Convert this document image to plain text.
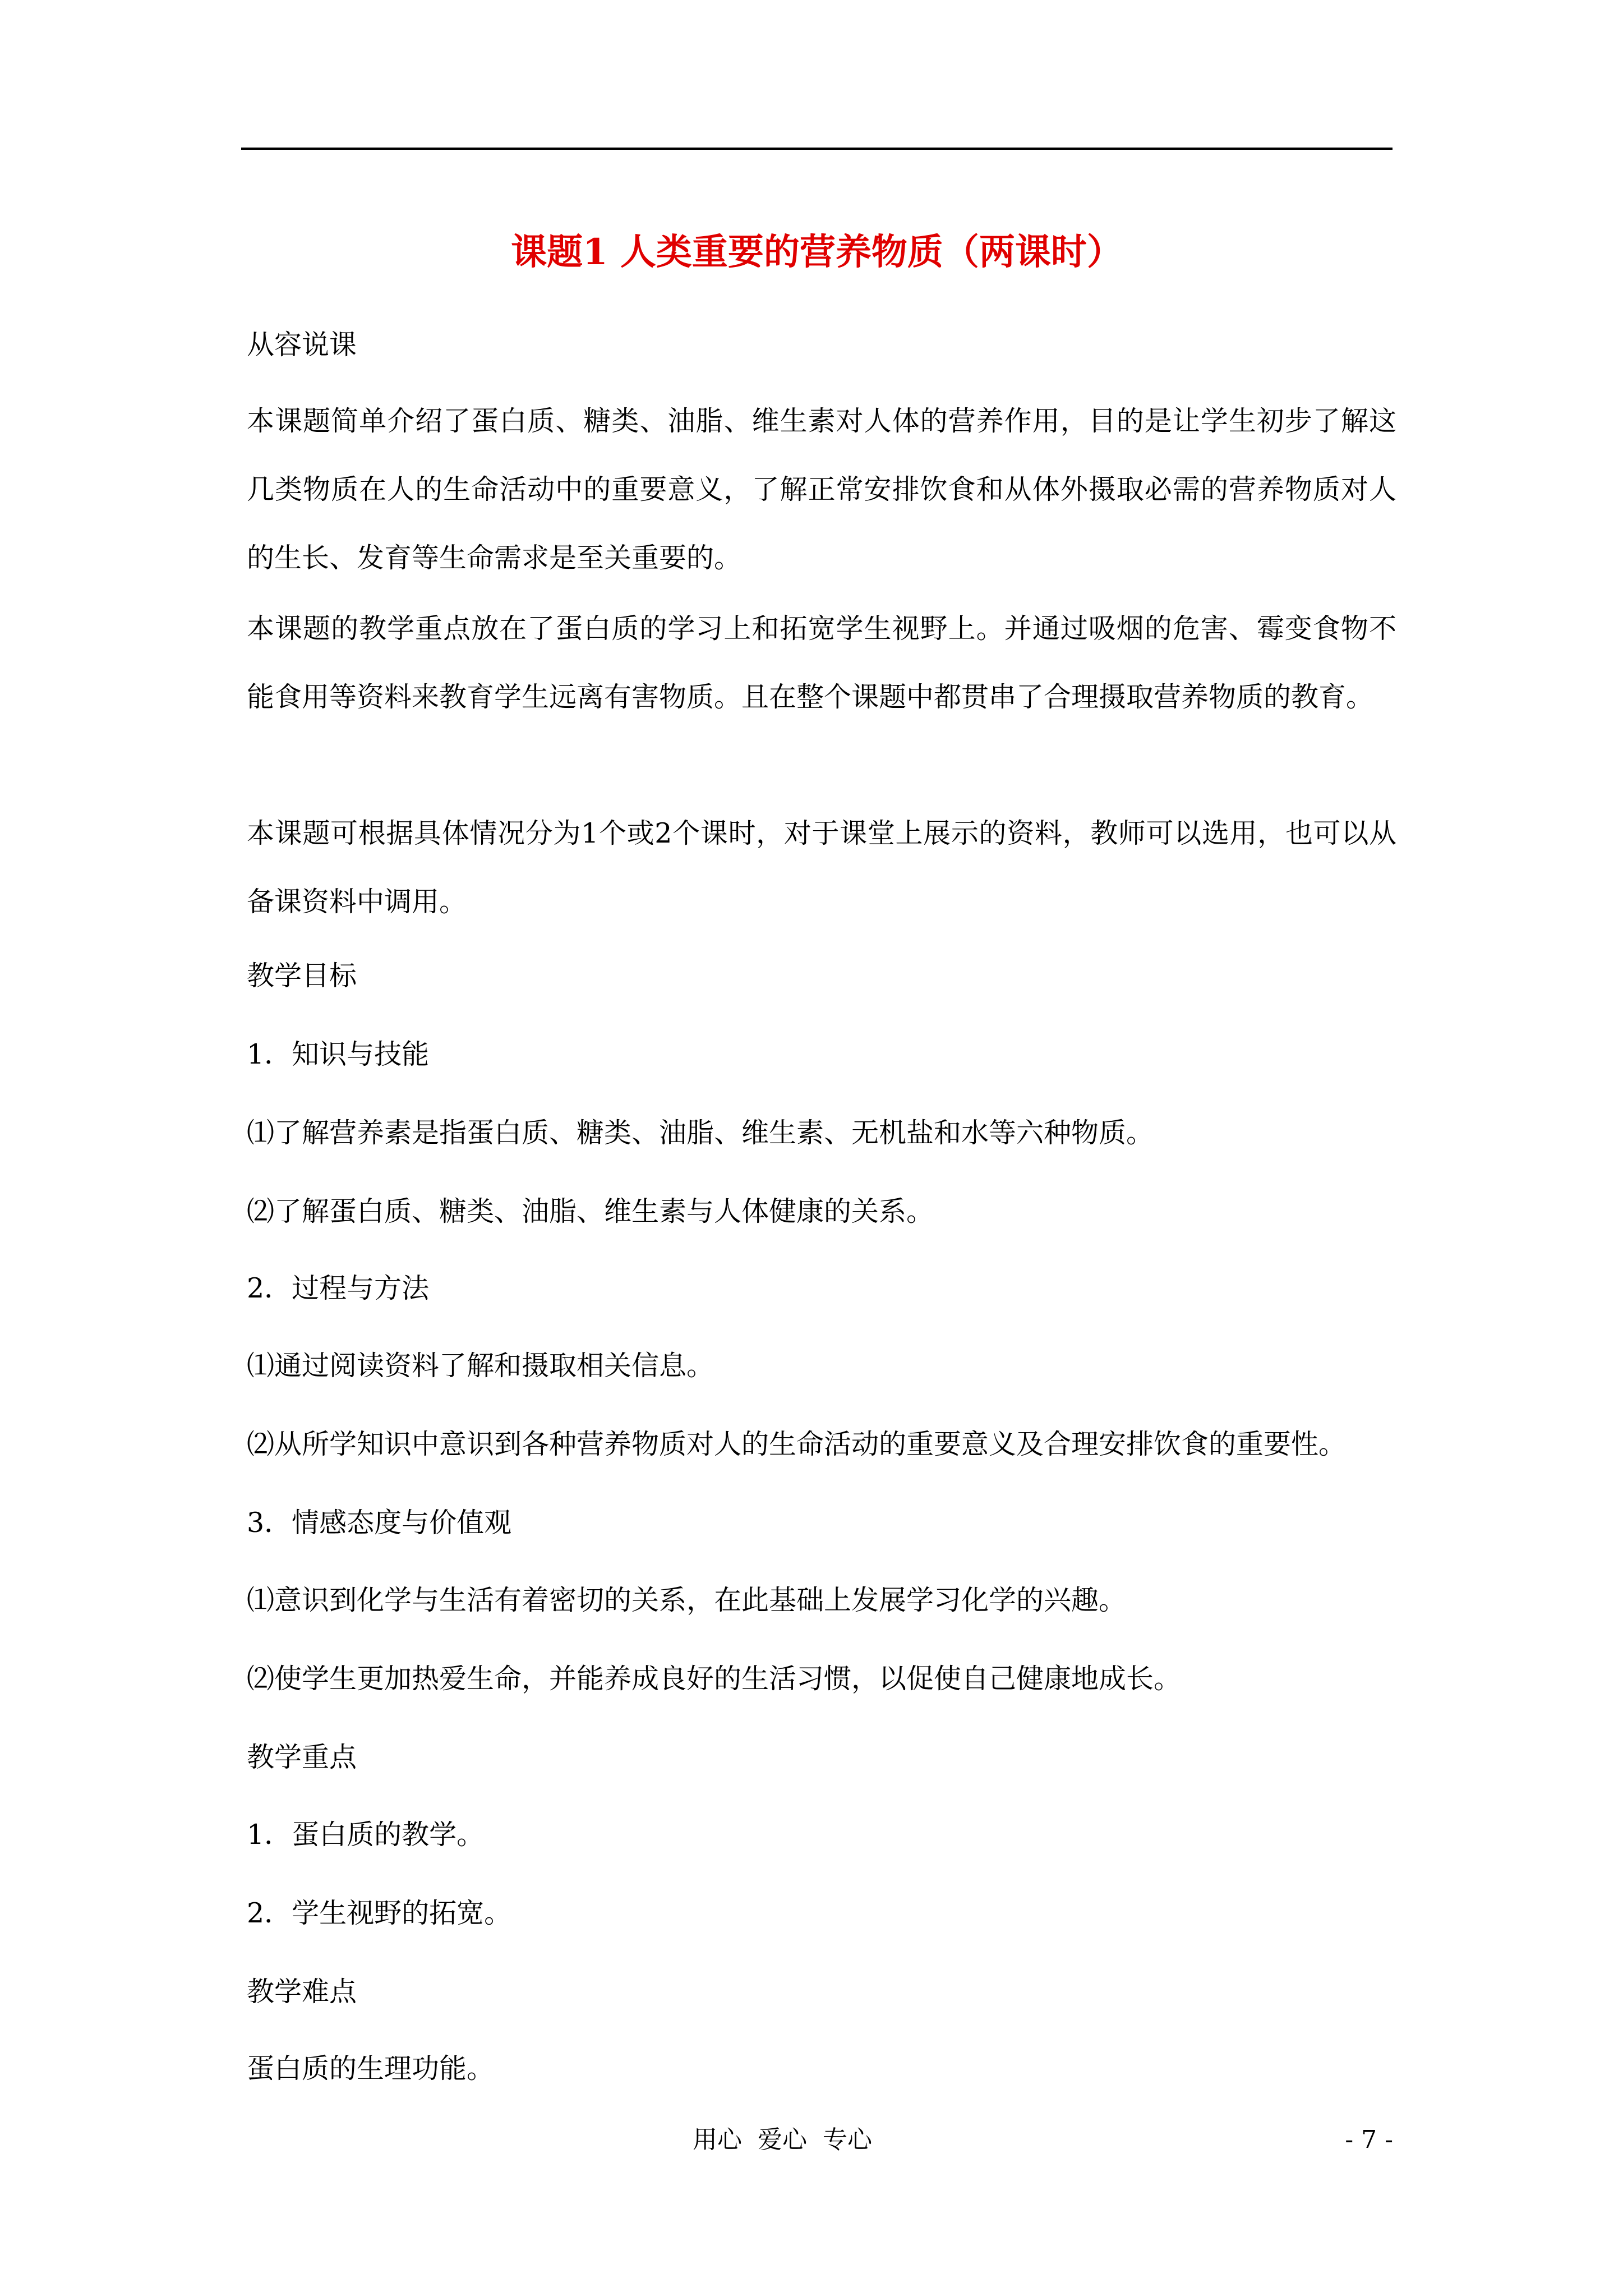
课题1 人类重要的营养物质（两课时）

从容说课

本课题简单介绍了蛋白质、糖类、油脂、维生素对人体的营养作用，目的是让学生初步了解这几类物质在人的生命活动中的重要意义，了解正常安排饮食和从体外摄取必需的营养物质对人的生长、发育等生命需求是至关重要的。

本课题的教学重点放在了蛋白质的学习上和拓宽学生视野上。并通过吸烟的危害、霉变食物不能食用等资料来教育学生远离有害物质。且在整个课题中都贯串了合理摄取营养物质的教育。

本课题可根据具体情况分为1个或2个课时，对于课堂上展示的资料，教师可以选用，也可以从备课资料中调用。

教学目标

1．知识与技能

⑴了解营养素是指蛋白质、糖类、油脂、维生素、无机盐和水等六种物质。

⑵了解蛋白质、糖类、油脂、维生素与人体健康的关系。

2．过程与方法

⑴通过阅读资料了解和摄取相关信息。

⑵从所学知识中意识到各种营养物质对人的生命活动的重要意义及合理安排饮食的重要性。

3．情感态度与价值观

⑴意识到化学与生活有着密切的关系，在此基础上发展学习化学的兴趣。

⑵使学生更加热爱生命，并能养成良好的生活习惯，以促使自己健康地成长。

教学重点

1．蛋白质的教学。

2．学生视野的拓宽。

教学难点

蛋白质的生理功能。

用心  爱心  专心	- 7 -
